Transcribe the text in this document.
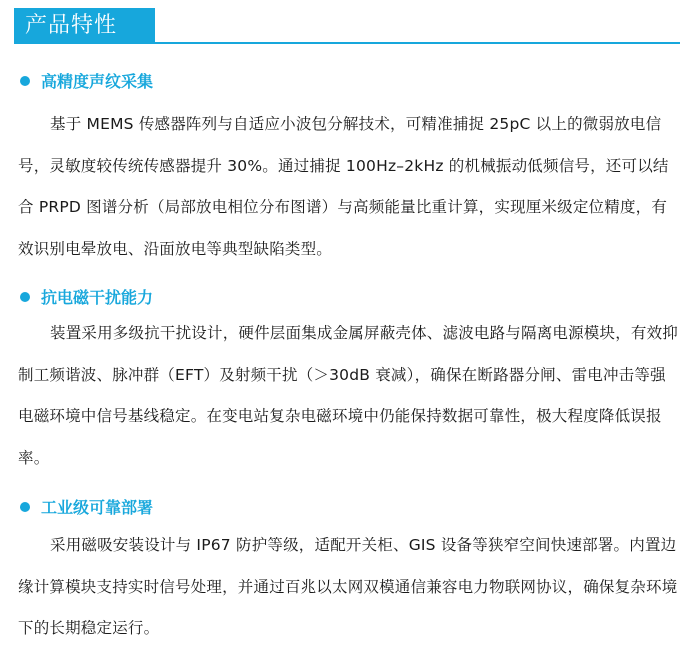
产品特性
高精度声纹采集

基于 MEMS 传感器阵列与自适应小波包分解技术，可精准捕捉 25pC 以上的微弱放电信号，灵敏度较传统传感器提升 30%。通过捕捉 100Hz–2kHz 的机械振动低频信号，还可以结合 PRPD 图谱分析（局部放电相位分布图谱）与高频能量比重计算，实现厘米级定位精度，有效识别电晕放电、沿面放电等典型缺陷类型。

抗电磁干扰能力

装置采用多级抗干扰设计，硬件层面集成金属屏蔽壳体、滤波电路与隔离电源模块，有效抑制工频谐波、脉冲群（EFT）及射频干扰（＞30dB 衰减），确保在断路器分闸、雷电冲击等强电磁环境中信号基线稳定。在变电站复杂电磁环境中仍能保持数据可靠性，极大程度降低误报率。

工业级可靠部署

采用磁吸安装设计与 IP67 防护等级，适配开关柜、GIS 设备等狭窄空间快速部署。内置边缘计算模块支持实时信号处理，并通过百兆以太网双模通信兼容电力物联网协议，确保复杂环境下的长期稳定运行。
